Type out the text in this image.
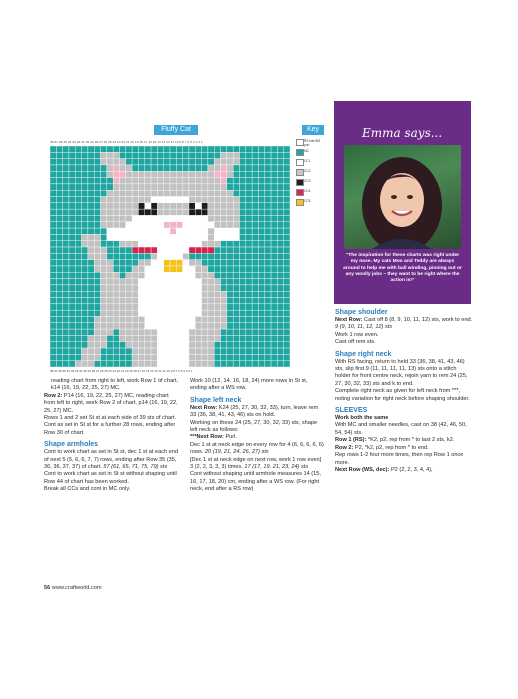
Fluffy Cat	Key
38 37 36 35 34 33 32 31 30 29 28 27 26 25 24 23 22 21 20 19 18 17 16 15 14 13 12 11 10 9 8 7 6 5 4 3 2 1
38 37 36 35 34 33 32 31 30 29 28 27 26 25 24 23 22 21 20 19 18 17 16 15 14 13 12 11 10 9 8 7 6 5 4 3 2 1
RS knit WS purl
MC
CC1
CC2
CC3
CC4
CC5
Emma says...
“The inspiration for these charts was right under my nose. My cats Moo and Teddy are always around to help me with ball winding, pinning out or any woolly jobs – they want to be right where the action is!”

reading chart from right to left, work Row 1 of chart, k14 (16, 19, 22, 25, 27) MC.

Row 2: P14 (16, 19, 22, 25, 27) MC, reading chart from left to right, work Row 2 of chart, p14 (16, 19, 22, 25, 27) MC.

Rows 1 and 2 set St st at each side of 39 sts of chart.

Cont as set in St st for a further 28 rows, ending after Row 30 of chart.

Shape armholes

Cont to work chart as set in St st, dec 1 st at each end of next 5 (5, 6, 6, 7, 7) rows, ending after Row 35 (35, 36, 36, 37, 37) of chart. 57 (61, 65, 71, 75, 79) sts

Cont to work chart as set in St st without shaping until Row 44 of chart has been worked.

Break all CCs and cont in MC only.

Work 10 (12, 14, 16, 18, 24) more rows in St st, ending after a WS row.

Shape left neck

Next Row: K24 (25, 27, 30, 32, 33), turn, leave rem 33 (36, 38, 41, 43, 46) sts on hold.

Working on these 24 (25, 27, 30, 32, 33) sts, shape left neck as follows:

***Next Row: Purl.

Dec 1 st at neck edge on every row for 4 (6, 6, 6, 6, 6) rows. 20 (19, 21, 24, 26, 27) sts

[Dec 1 st at neck edge on next row, work 1 row even] 3 (2, 2, 3, 3, 3) times. 17 (17, 19, 21, 23, 24) sts

Cont without shaping until armhole measures 14 (15, 16, 17, 18, 20) cm, ending after a WS row. (For right neck, end after a RS row)

Shape shoulder

Next Row: Cast off 8 (8, 9, 10, 11, 12) sts, work to end. 9 (9, 10, 11, 12, 12) sts

Work 1 row even.

Cast off rem sts.

Shape right neck

With RS facing, return to held 33 (36, 38, 41, 43, 46) sts, slip first 9 (11, 11, 11, 11, 13) sts onto a stitch holder for front centre neck, rejoin yarn to rem 24 (25, 27, 30, 32, 33) sts and k to end.

Complete right neck as given for left neck from ***, noting variation for right neck before shaping shoulder.

SLEEVES

Work both the same

With MC and smaller needles, cast on 38 (42, 46, 50, 54, 54) sts.

Row 1 (RS): *K2, p2, rep from * to last 2 sts, k2.

Row 2: P2, *k2, p2, rep from * to end.

Rep rows 1-2 four more times, then rep Row 1 once more.

Next Row (WS, dec): P2 (2, 2, 3, 4, 4),

56 www.craftworld.com
